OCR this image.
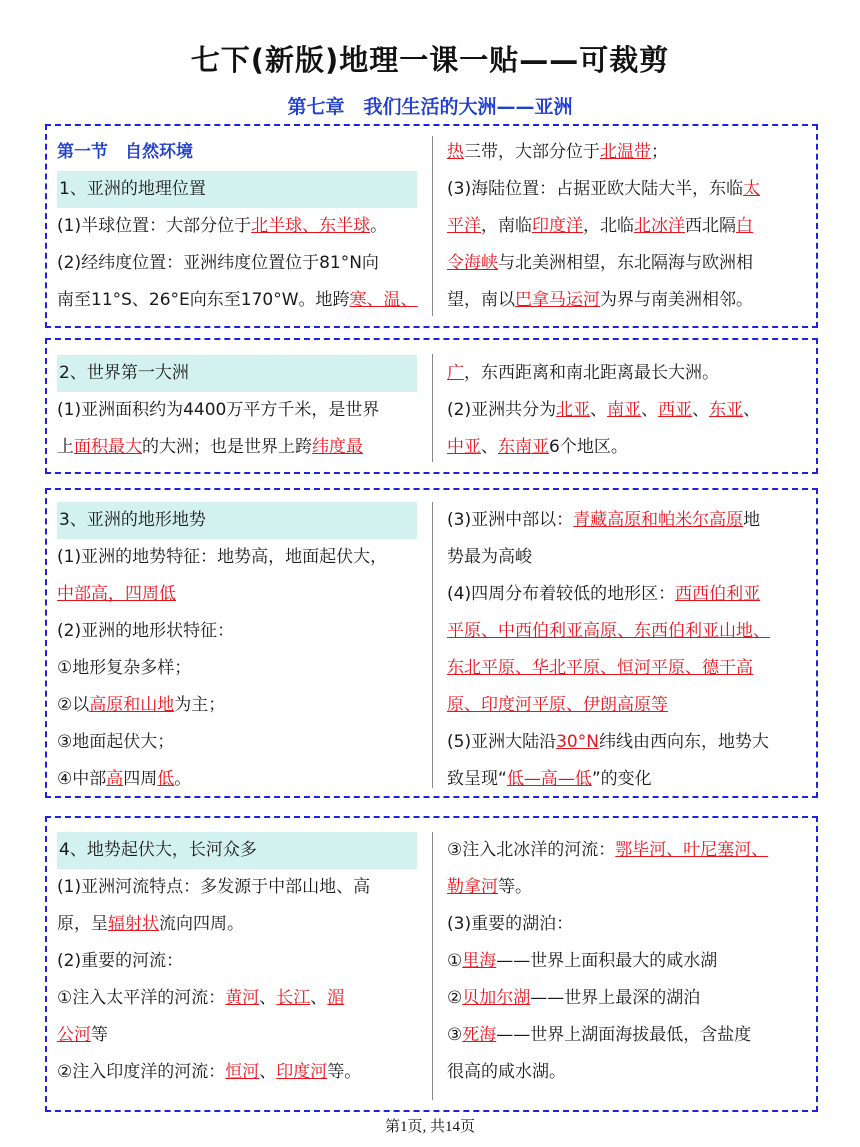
七下(新版)地理一课一贴——可裁剪
第七章　我们生活的大洲——亚洲
第一节　自然环境
1、亚洲的地理位置
(1)半球位置：大部分位于北半球、东半球。
(2)经纬度位置：亚洲纬度位置位于81°N向
南至11°S、26°E向东至170°W。地跨寒、温、
热三带，大部分位于北温带；
(3)海陆位置：占据亚欧大陆大半，东临太
平洋，南临印度洋，北临北冰洋西北隔白
令海峡与北美洲相望，东北隔海与欧洲相
望，南以巴拿马运河为界与南美洲相邻。
2、世界第一大洲
(1)亚洲面积约为4400万平方千米，是世界
上面积最大的大洲；也是世界上跨纬度最
广，东西距离和南北距离最长大洲。
(2)亚洲共分为北亚、南亚、西亚、东亚、
中亚、东南亚6个地区。
3、亚洲的地形地势
(1)亚洲的地势特征：地势高，地面起伏大，
中部高，四周低
(2)亚洲的地形状特征：
①地形复杂多样；
②以高原和山地为主；
③地面起伏大；
④中部高四周低。
(3)亚洲中部以：青藏高原和帕米尔高原地
势最为高峻
(4)四周分布着较低的地形区：西西伯利亚
平原、中西伯利亚高原、东西伯利亚山地、
东北平原、华北平原、恒河平原、德干高
原、印度河平原、伊朗高原等
(5)亚洲大陆沿30°N纬线由西向东，地势大
致呈现“低—高—低”的变化
4、地势起伏大，长河众多
(1)亚洲河流特点：多发源于中部山地、高
原，呈辐射状流向四周。
(2)重要的河流：
①注入太平洋的河流：黄河、长江、湄
公河等
②注入印度洋的河流：恒河、印度河等。
③注入北冰洋的河流：鄂毕河、叶尼塞河、
勒拿河等。
(3)重要的湖泊：
①里海——世界上面积最大的咸水湖
②贝加尔湖——世界上最深的湖泊
③死海——世界上湖面海拔最低，含盐度
很高的咸水湖。
第1页, 共14页
